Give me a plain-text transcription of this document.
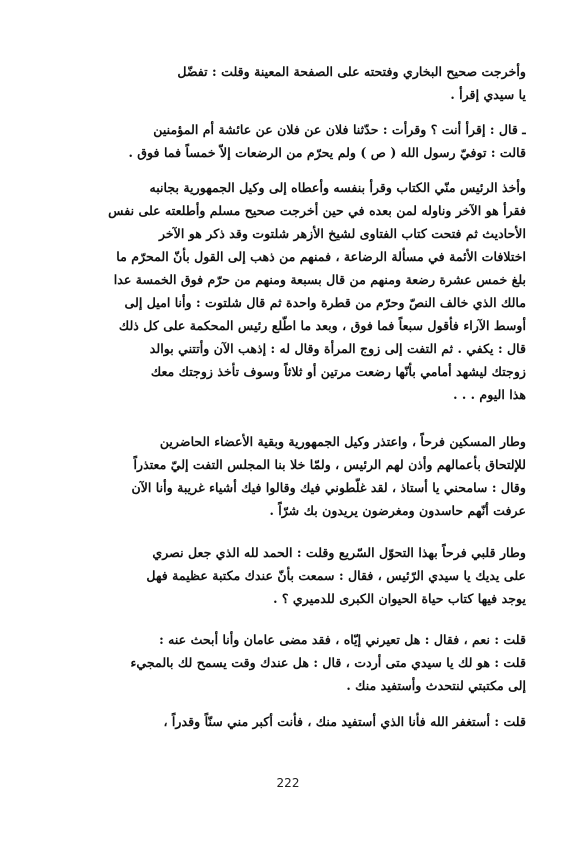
وأخرجت صحيح البخاري وفتحته على الصفحة المعينة وقلت : تفضّل
يا سيدي إقرأ .
ـ قال : إقرأ أنت ؟ وقرأت : حدّثنا فلان عن فلان عن عائشة أم المؤمنين
قالت : توفيّ رسول الله ( ص ) ولم يحرّم من الرضعات إلاّ خمساً فما فوق .
وأخذ الرئيس منّي الكتاب وقرأ بنفسه وأعطاه إلى وكيل الجمهورية بجانبه
فقرأ هو الآخر وناوله لمن بعده في حين أخرجت صحيح مسلم وأطلعته على نفس
الأحاديث ثم فتحت كتاب الفتاوى لشيخ الأزهر شلتوت وقد ذكر هو الآخر
اختلافات الأئمة في مسألة الرضاعة ، فمنهم من ذهب إلى القول بأنّ المحرّم ما
بلغ خمس عشرة رضعة ومنهم من قال بسبعة ومنهم من حرّم فوق الخمسة عدا
مالك الذي خالف النصّ وحرّم من قطرة واحدة ثم قال شلتوت : وأنا اميل إلى
أوسط الآراء فأقول سبعاً فما فوق ، وبعد ما اطّلع رئيس المحكمة على كل ذلك
قال : يكفي . ثم التفت إلى زوج المرأة وقال له : إذهب الآن وأتتني بوالد
زوجتك ليشهد أمامي بأنّها رضعت مرتين أو ثلاثاً وسوف تأخذ زوجتك معك
هذا اليوم . . .
وطار المسكين فرحاً ، واعتذر وكيل الجمهورية وبقية الأعضاء الحاضرين
للإلتحاق بأعمالهم وأذن لهم الرئيس ، ولمّا خلا بنا المجلس التفت إليّ معتذراً
وقال : سامحني يا أستاذ ، لقد غلّطوني فيك وقالوا فيك أشياء غريبة وأنا الآن
عرفت أنّهم حاسدون ومغرضون يريدون بك شرّاً .
وطار قلبي فرحاً بهذا التحوّل السّريع وقلت : الحمد لله الذي جعل نصري
على يديك يا سيدي الرّئيس ، فقال : سمعت بأنّ عندك مكتبة عظيمة فهل
يوجد فيها كتاب حياة الحيوان الكبرى للدميري ؟ .
قلت : نعم ، فقال : هل تعيرني إيّاه ، فقد مضى عامان وأنا أبحث عنه :
قلت : هو لك يا سيدي متى أردت ، قال : هل عندك وقت يسمح لك بالمجيء
إلى مكتبتي لنتحدث وأستفيد منك .
قلت : أستغفر الله فأنا الذي أستفيد منك ، فأنت أكبر مني سنّاً وقدراً ،
222
